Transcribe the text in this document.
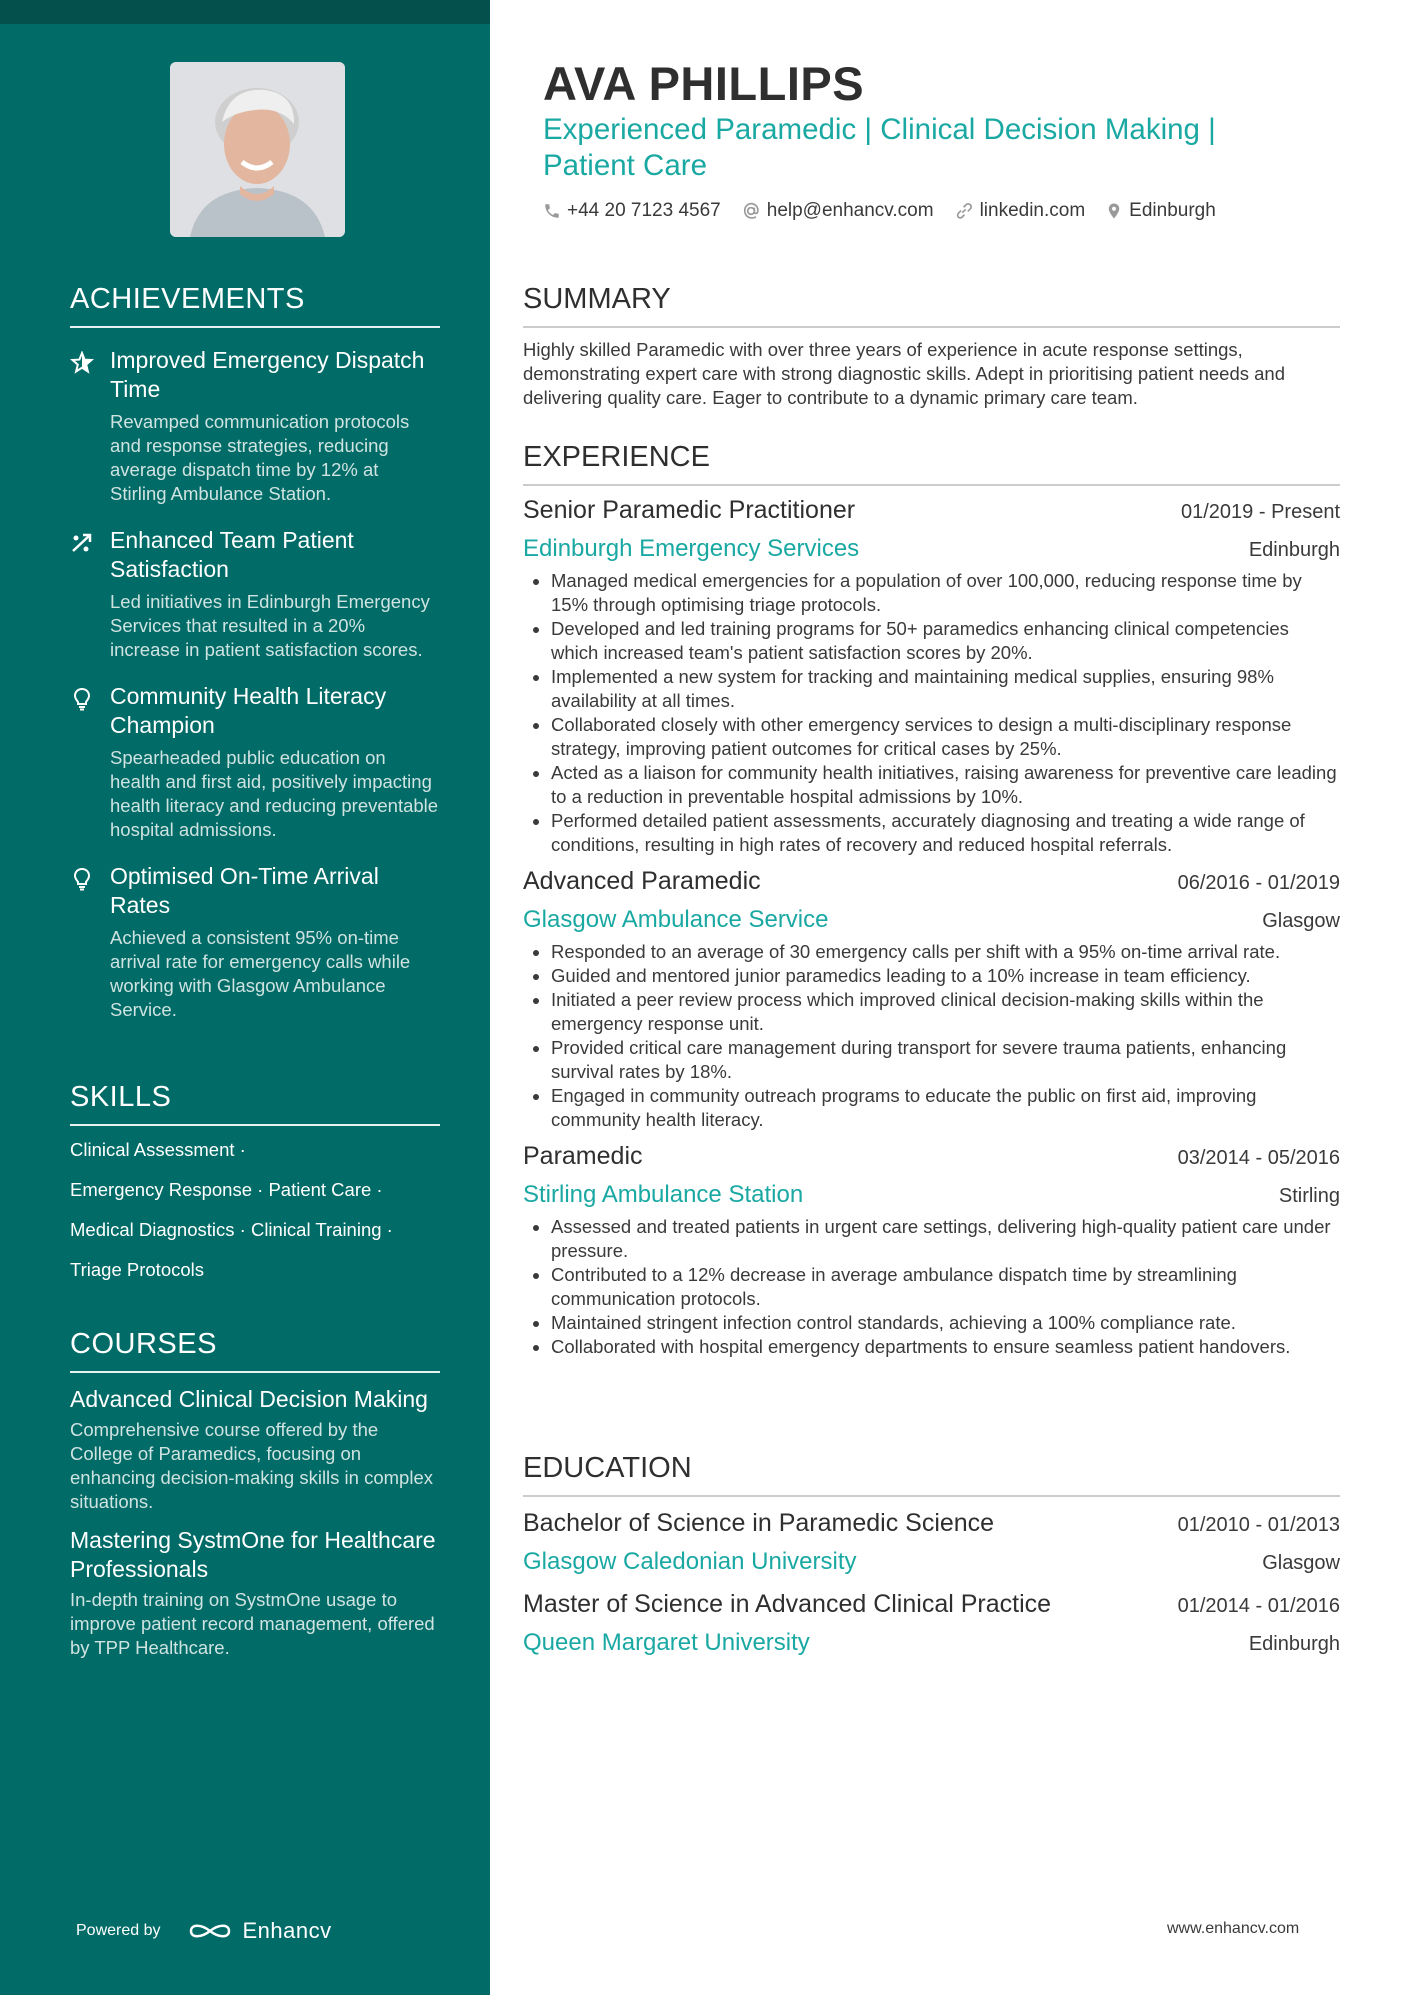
ACHIEVEMENTS
Improved Emergency Dispatch Time
Revamped communication protocols and response strategies, reducing average dispatch time by 12% at Stirling Ambulance Station.
Enhanced Team Patient Satisfaction
Led initiatives in Edinburgh Emergency Services that resulted in a 20% increase in patient satisfaction scores.
Community Health Literacy Champion
Spearheaded public education on health and first aid, positively impacting health literacy and reducing preventable hospital admissions.
Optimised On-Time Arrival Rates
Achieved a consistent 95% on-time arrival rate for emergency calls while working with Glasgow Ambulance Service.
SKILLS
Clinical Assessment ·
Emergency Response · Patient Care ·
Medical Diagnostics · Clinical Training ·
Triage Protocols
COURSES
Advanced Clinical Decision Making
Comprehensive course offered by the College of Paramedics, focusing on enhancing decision-making skills in complex situations.
Mastering SystmOne for Healthcare Professionals
In-depth training on SystmOne usage to improve patient record management, offered by TPP Healthcare.
Powered by	Enhancv
AVA PHILLIPS
Experienced Paramedic | Clinical Decision Making | Patient Care
+44 20 7123 4567 help@enhancv.com linkedin.com Edinburgh
SUMMARY
Highly skilled Paramedic with over three years of experience in acute response settings, demonstrating expert care with strong diagnostic skills. Adept in prioritising patient needs and delivering quality care. Eager to contribute to a dynamic primary care team.
EXPERIENCE
Senior Paramedic Practitioner	01/2019 - Present
Edinburgh Emergency Services	Edinburgh
• Managed medical emergencies for a population of over 100,000, reducing response time by 15% through optimising triage protocols.
• Developed and led training programs for 50+ paramedics enhancing clinical competencies which increased team's patient satisfaction scores by 20%.
• Implemented a new system for tracking and maintaining medical supplies, ensuring 98% availability at all times.
• Collaborated closely with other emergency services to design a multi-disciplinary response strategy, improving patient outcomes for critical cases by 25%.
• Acted as a liaison for community health initiatives, raising awareness for preventive care leading to a reduction in preventable hospital admissions by 10%.
• Performed detailed patient assessments, accurately diagnosing and treating a wide range of conditions, resulting in high rates of recovery and reduced hospital referrals.
Advanced Paramedic	06/2016 - 01/2019
Glasgow Ambulance Service	Glasgow
• Responded to an average of 30 emergency calls per shift with a 95% on-time arrival rate.
• Guided and mentored junior paramedics leading to a 10% increase in team efficiency.
• Initiated a peer review process which improved clinical decision-making skills within the emergency response unit.
• Provided critical care management during transport for severe trauma patients, enhancing survival rates by 18%.
• Engaged in community outreach programs to educate the public on first aid, improving community health literacy.
Paramedic	03/2014 - 05/2016
Stirling Ambulance Station	Stirling
• Assessed and treated patients in urgent care settings, delivering high-quality patient care under pressure.
• Contributed to a 12% decrease in average ambulance dispatch time by streamlining communication protocols.
• Maintained stringent infection control standards, achieving a 100% compliance rate.
• Collaborated with hospital emergency departments to ensure seamless patient handovers.
EDUCATION
Bachelor of Science in Paramedic Science	01/2010 - 01/2013
Glasgow Caledonian University	Glasgow
Master of Science in Advanced Clinical Practice	01/2014 - 01/2016
Queen Margaret University	Edinburgh
www.enhancv.com
